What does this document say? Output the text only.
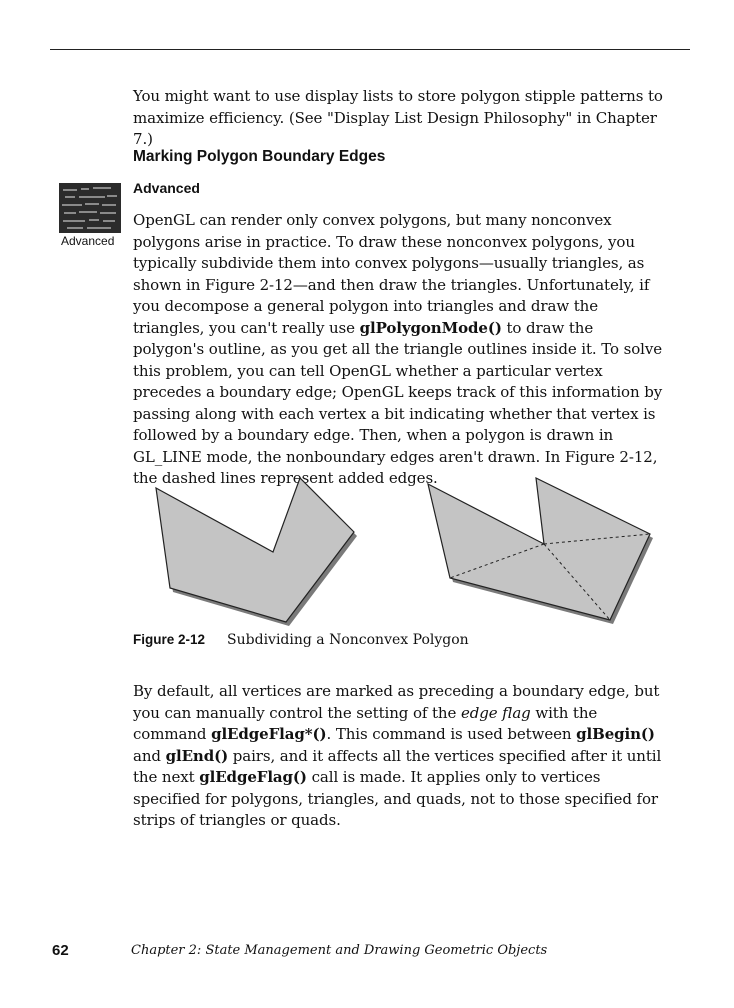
You might want to use display lists to store polygon stipple patterns to maximize efficiency. (See "Display List Design Philosophy" in Chapter 7.)

Marking Polygon Boundary Edges
Advanced
Advanced

OpenGL can render only convex polygons, but many nonconvex polygons arise in practice. To draw these nonconvex polygons, you typically subdivide them into convex polygons—usually triangles, as shown in Figure 2-12—and then draw the triangles. Unfortunately, if you decompose a general polygon into triangles and draw the triangles, you can't really use glPolygonMode() to draw the polygon's outline, as you get all the triangle outlines inside it. To solve this problem, you can tell OpenGL whether a particular vertex precedes a boundary edge; OpenGL keeps track of this information by passing along with each vertex a bit indicating whether that vertex is followed by a boundary edge. Then, when a polygon is drawn in GL_LINE mode, the nonboundary edges aren't drawn. In Figure 2-12, the dashed lines represent added edges.

Figure 2-12 Subdividing a Nonconvex Polygon

By default, all vertices are marked as preceding a boundary edge, but you can manually control the setting of the edge flag with the command glEdgeFlag*(). This command is used between glBegin() and glEnd() pairs, and it affects all the vertices specified after it until the next glEdgeFlag() call is made. It applies only to vertices specified for polygons, triangles, and quads, not to those specified for strips of triangles or quads.

62	Chapter 2: State Management and Drawing Geometric Objects
